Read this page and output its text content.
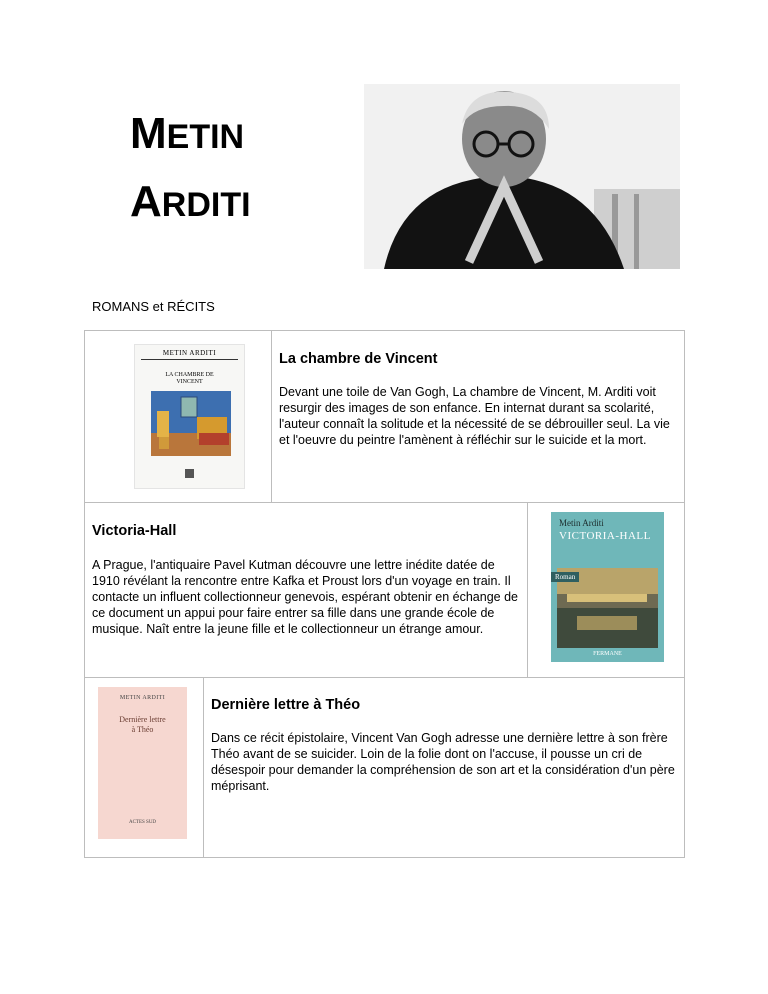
METIN
ARDITI
ROMANS et RÉCITS
METIN ARDITI
LA CHAMBRE DE
VINCENT
La chambre de Vincent
Devant une toile de Van Gogh, La chambre de Vincent, M. Arditi voit resurgir des images de son enfance. En internat durant sa scolarité, l'auteur connaît la solitude et la nécessité de se débrouiller seul. La vie et l'oeuvre du peintre l'amènent à réfléchir sur le suicide et la mort.
Victoria-Hall
A Prague, l'antiquaire Pavel Kutman découvre une lettre inédite datée de 1910 révélant la rencontre entre Kafka et Proust lors d'un voyage en train. Il contacte un influent collectionneur genevois, espérant obtenir en échange de ce document un appui pour faire entrer sa fille dans une grande école de musique. Naît entre la jeune fille et le collectionneur un étrange amour.
Metin Arditi
VICTORIA-HALL
Roman
FERMANE
METIN ARDITI
Dernière lettre
à Théo
ACTES SUD
Dernière lettre à Théo
Dans ce récit épistolaire, Vincent Van Gogh adresse une dernière lettre à son frère Théo avant de se suicider. Loin de la folie dont on l'accuse, il pousse un cri de désespoir pour demander la compréhension de son art et la considération d'un père méprisant.
